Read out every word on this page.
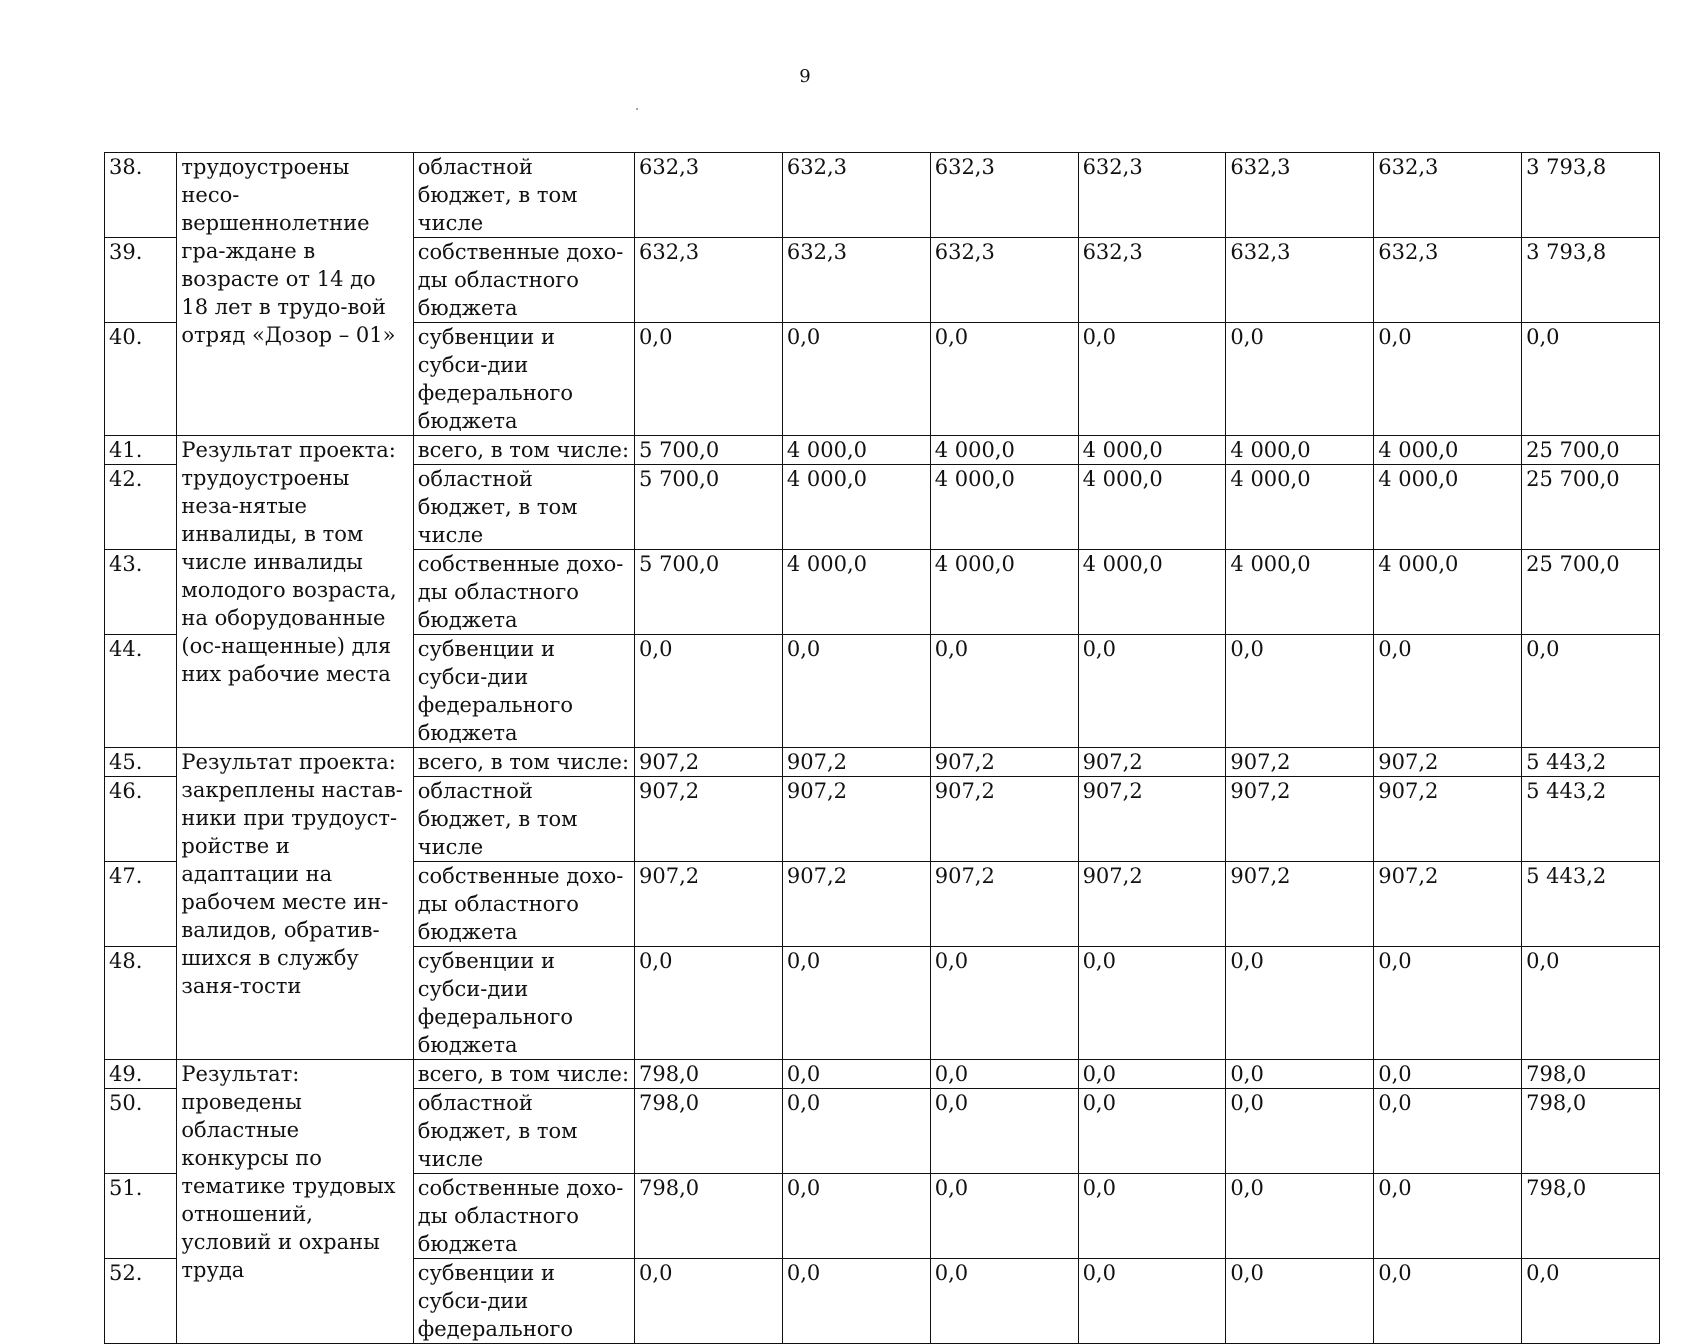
9
38.	трудоустроены несо-вершеннолетние гра-ждане в возрасте от 14 до 18 лет в трудо-вой отряд «Дозор – 01»	областной бюджет, в том числе	632,3	632,3	632,3	632,3	632,3	632,3	3 793,8
39.		собственные дохо-ды областного бюджета	632,3	632,3	632,3	632,3	632,3	632,3	3 793,8
40.		субвенции и субси-дии федерального бюджета	0,0	0,0	0,0	0,0	0,0	0,0	0,0
41.	Результат проекта: трудоустроены неза-нятые инвалиды, в том числе инвалиды молодого возраста, на оборудованные (ос-нащенные) для них рабочие места	всего, в том числе:	5 700,0	4 000,0	4 000,0	4 000,0	4 000,0	4 000,0	25 700,0
42.		областной бюджет, в том числе	5 700,0	4 000,0	4 000,0	4 000,0	4 000,0	4 000,0	25 700,0
43.		собственные дохо-ды областного бюджета	5 700,0	4 000,0	4 000,0	4 000,0	4 000,0	4 000,0	25 700,0
44.		субвенции и субси-дии федерального бюджета	0,0	0,0	0,0	0,0	0,0	0,0	0,0
45.	Результат проекта: закреплены настав-ники при трудоуст-ройстве и адаптации на рабочем месте ин-валидов, обратив-шихся в службу заня-тости	всего, в том числе:	907,2	907,2	907,2	907,2	907,2	907,2	5 443,2
46.		областной бюджет, в том числе	907,2	907,2	907,2	907,2	907,2	907,2	5 443,2
47.		собственные дохо-ды областного бюджета	907,2	907,2	907,2	907,2	907,2	907,2	5 443,2
48.		субвенции и субси-дии федерального бюджета	0,0	0,0	0,0	0,0	0,0	0,0	0,0
49.	Результат: проведены областные конкурсы по тематике трудовых отношений, условий и охраны труда	всего, в том числе:	798,0	0,0	0,0	0,0	0,0	0,0	798,0
50.		областной бюджет, в том числе	798,0	0,0	0,0	0,0	0,0	0,0	798,0
51.		собственные дохо-ды областного бюджета	798,0	0,0	0,0	0,0	0,0	0,0	798,0
52.		субвенции и субси-дии федерального	0,0	0,0	0,0	0,0	0,0	0,0	0,0
